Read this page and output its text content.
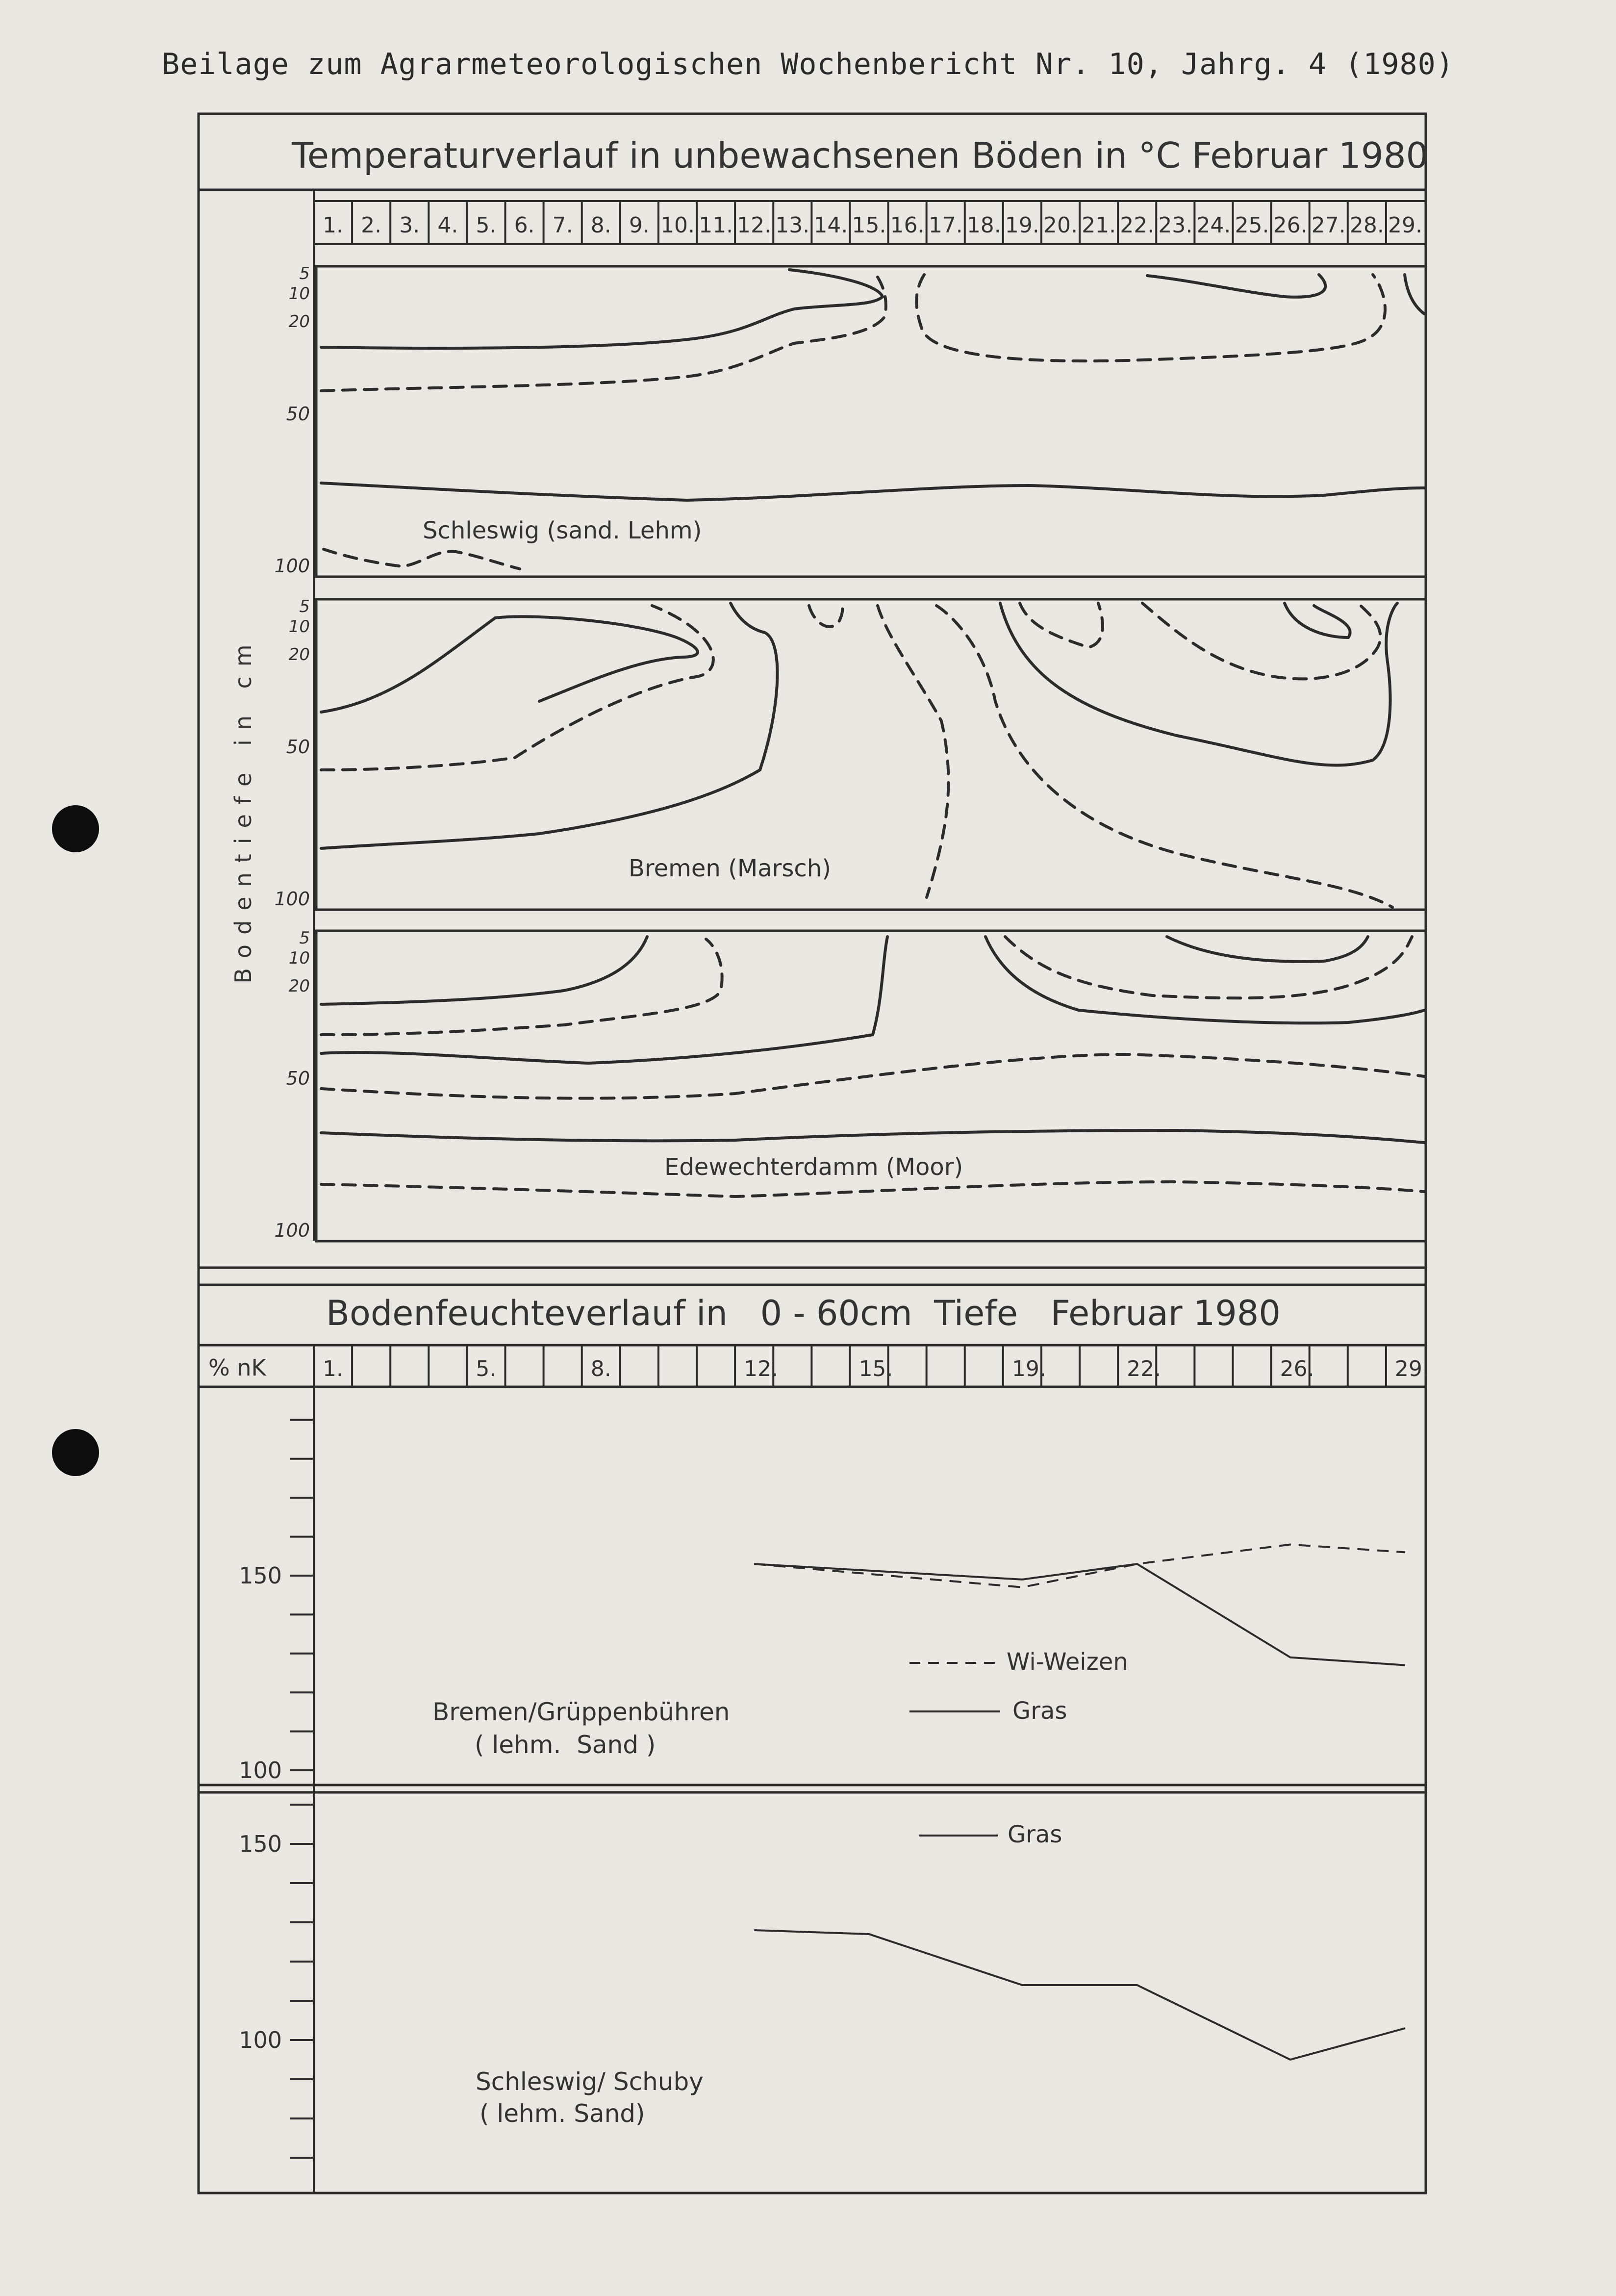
Beilage zum Agrarmeteorologischen Wochenbericht Nr. 10, Jahrg. 4 (1980)
Temperaturverlauf in unbewachsenen Böden in °C Februar 1980
Bodenfeuchteverlauf in   0 - 60cm  Tiefe   Februar 1980
1. 2. 3. 4. 5. 6. 7. 8. 9. 10. 11. 12. 13. 14. 15. 16. 17. 18. 19. 20. 21. 22. 23. 24. 25. 26. 27. 28. 29.
Bodentiefe in cm
5
10
20
50
100
5
10
20
50
100
5
10
20
50
100
Schleswig (sand. Lehm)
Bremen (Marsch)
Edewechterdamm (Moor)
% nK	1.	5.	8.	12.	15.	19.	22.	26.	29.
150
100
150
100
Wi-Weizen
Gras
Bremen/Grüppenbühren
( lehm.  Sand )
Gras
Schleswig/ Schuby
( lehm. Sand)
